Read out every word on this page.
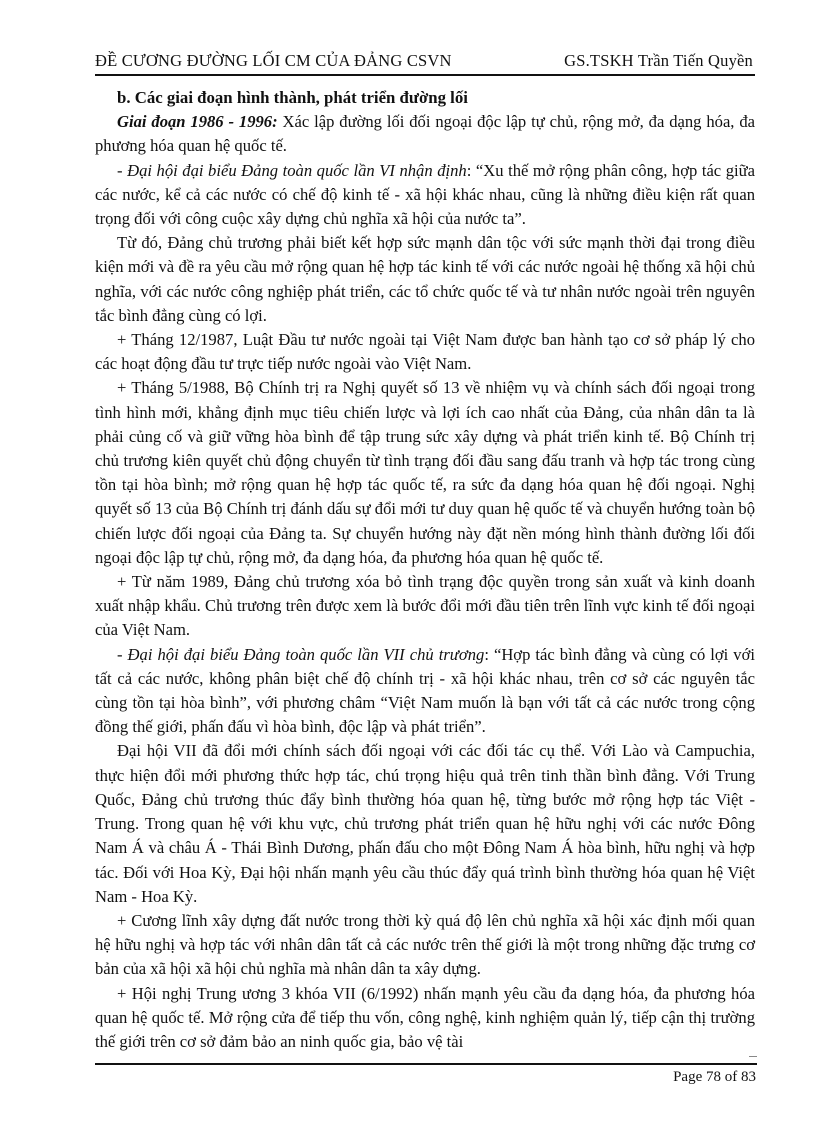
ĐỀ CƯƠNG ĐƯỜNG LỐI CM CỦA ĐẢNG CSVN	GS.TSKH Trần Tiến Quyền
b. Các giai đoạn hình thành, phát triển đường lối

Giai đoạn 1986 - 1996: Xác lập đường lối đối ngoại độc lập tự chủ, rộng mở, đa dạng hóa, đa phương hóa quan hệ quốc tế.

- Đại hội đại biểu Đảng toàn quốc lần VI nhận định: “Xu thế mở rộng phân công, hợp tác giữa các nước, kể cả các nước có chế độ kinh tế - xã hội khác nhau, cũng là những điều kiện rất quan trọng đối với công cuộc xây dựng chủ nghĩa xã hội của nước ta”.

Từ đó, Đảng chủ trương phải biết kết hợp sức mạnh dân tộc với sức mạnh thời đại trong điều kiện mới và đề ra yêu cầu mở rộng quan hệ hợp tác kinh tế với các nước ngoài hệ thống xã hội chủ nghĩa, với các nước công nghiệp phát triển, các tổ chức quốc tế và tư nhân nước ngoài trên nguyên tắc bình đẳng cùng có lợi.

+ Tháng 12/1987, Luật Đầu tư nước ngoài tại Việt Nam được ban hành tạo cơ sở pháp lý cho các hoạt động đầu tư trực tiếp nước ngoài vào Việt Nam.

+ Tháng 5/1988, Bộ Chính trị ra Nghị quyết số 13 về nhiệm vụ và chính sách đối ngoại trong tình hình mới, khẳng định mục tiêu chiến lược và lợi ích cao nhất của Đảng, của nhân dân ta là phải củng cố và giữ vững hòa bình để tập trung sức xây dựng và phát triển kinh tế. Bộ Chính trị chủ trương kiên quyết chủ động chuyển từ tình trạng đối đầu sang đấu tranh và hợp tác trong cùng tồn tại hòa bình; mở rộng quan hệ hợp tác quốc tế, ra sức đa dạng hóa quan hệ đối ngoại. Nghị quyết số 13 của Bộ Chính trị đánh dấu sự đổi mới tư duy quan hệ quốc tế và chuyển hướng toàn bộ chiến lược đối ngoại của Đảng ta. Sự chuyển hướng này đặt nền móng hình thành đường lối đối ngoại độc lập tự chủ, rộng mở, đa dạng hóa, đa phương hóa quan hệ quốc tế.

+ Từ năm 1989, Đảng chủ trương xóa bỏ tình trạng độc quyền trong sản xuất và kinh doanh xuất nhập khẩu. Chủ trương trên được xem là bước đổi mới đầu tiên trên lĩnh vực kinh tế đối ngoại của Việt Nam.

- Đại hội đại biểu Đảng toàn quốc lần VII chủ trương: “Hợp tác bình đẳng và cùng có lợi với tất cả các nước, không phân biệt chế độ chính trị - xã hội khác nhau, trên cơ sở các nguyên tắc cùng tồn tại hòa bình”, với phương châm “Việt Nam muốn là bạn với tất cả các nước trong cộng đồng thế giới, phấn đấu vì hòa bình, độc lập và phát triển”.

Đại hội VII đã đổi mới chính sách đối ngoại với các đối tác cụ thể. Với Lào và Campuchia, thực hiện đổi mới phương thức hợp tác, chú trọng hiệu quả trên tinh thần bình đẳng. Với Trung Quốc, Đảng chủ trương thúc đẩy bình thường hóa quan hệ, từng bước mở rộng hợp tác Việt - Trung. Trong quan hệ với khu vực, chủ trương phát triển quan hệ hữu nghị với các nước Đông Nam Á và châu Á - Thái Bình Dương, phấn đấu cho một Đông Nam Á hòa bình, hữu nghị và hợp tác. Đối với Hoa Kỳ, Đại hội nhấn mạnh yêu cầu thúc đẩy quá trình bình thường hóa quan hệ Việt Nam - Hoa Kỳ.

+ Cương lĩnh xây dựng đất nước trong thời kỳ quá độ lên chủ nghĩa xã hội xác định mối quan hệ hữu nghị và hợp tác với nhân dân tất cả các nước trên thế giới là một trong những đặc trưng cơ bản của xã hội xã hội chủ nghĩa mà nhân dân ta xây dựng.

+ Hội nghị Trung ương 3 khóa VII (6/1992) nhấn mạnh yêu cầu đa dạng hóa, đa phương hóa quan hệ quốc tế. Mở rộng cửa để tiếp thu vốn, công nghệ, kinh nghiệm quản lý, tiếp cận thị trường thế giới trên cơ sở đảm bảo an ninh quốc gia, bảo vệ tài

Page 78 of 83
